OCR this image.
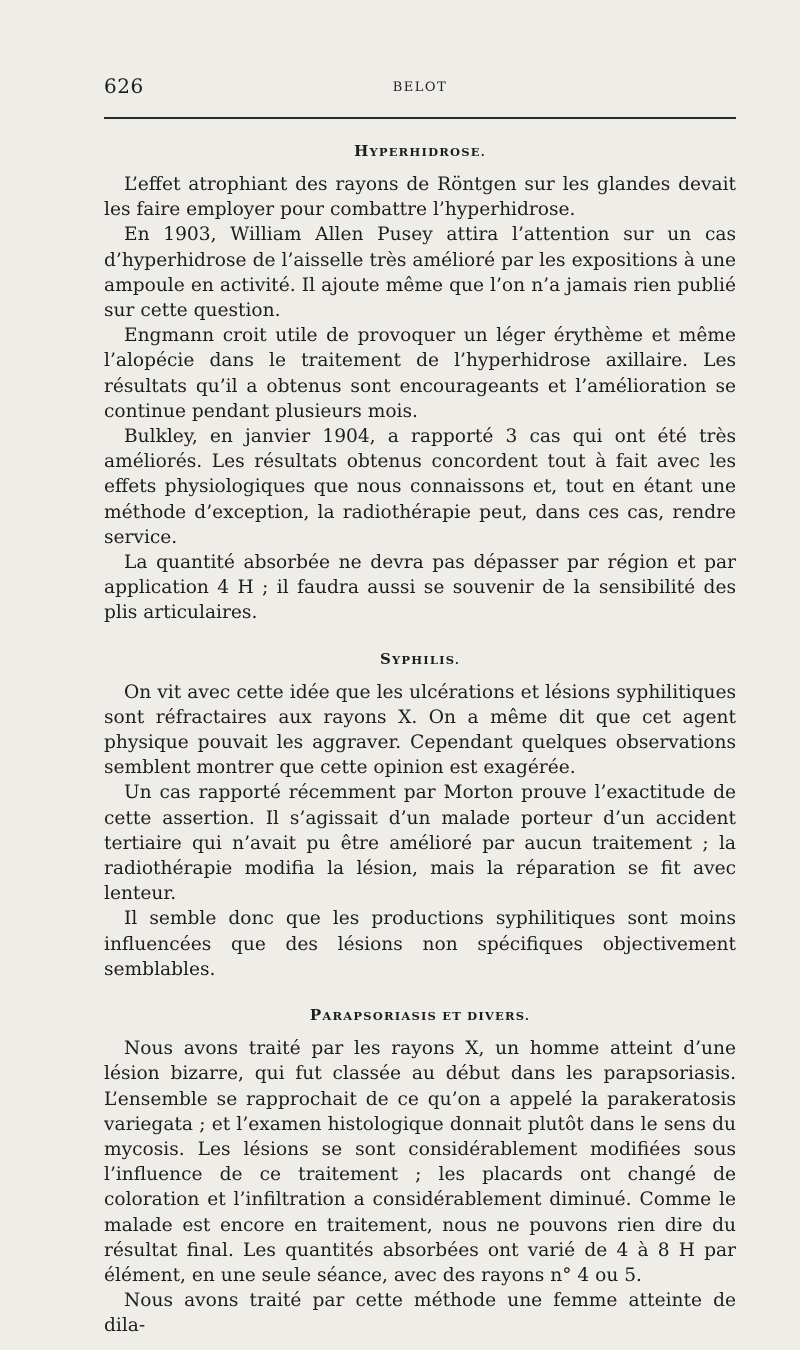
626	BELOT
HYPERHIDROSE.

L’effet atrophiant des rayons de Röntgen sur les glandes devait les faire employer pour combattre l’hyperhidrose.

En 1903, William Allen Pusey attira l’attention sur un cas d’hyperhidrose de l’aisselle très amélioré par les expositions à une ampoule en activité. Il ajoute même que l’on n’a jamais rien publié sur cette question.

Engmann croit utile de provoquer un léger érythème et même l’alopécie dans le traitement de l’hyperhidrose axillaire. Les résultats qu’il a obtenus sont encourageants et l’amélioration se continue pendant plusieurs mois.

Bulkley, en janvier 1904, a rapporté 3 cas qui ont été très améliorés. Les résultats obtenus concordent tout à fait avec les effets physiologiques que nous connaissons et, tout en étant une méthode d’exception, la radiothérapie peut, dans ces cas, rendre service.

La quantité absorbée ne devra pas dépasser par région et par application 4 H ; il faudra aussi se souvenir de la sensibilité des plis articulaires.

SYPHILIS.

On vit avec cette idée que les ulcérations et lésions syphilitiques sont réfractaires aux rayons X. On a même dit que cet agent physique pouvait les aggraver. Cependant quelques observations semblent montrer que cette opinion est exagérée.

Un cas rapporté récemment par Morton prouve l’exactitude de cette assertion. Il s’agissait d’un malade porteur d’un accident tertiaire qui n’avait pu être amélioré par aucun traitement ; la radiothérapie modifia la lésion, mais la réparation se fit avec lenteur.

Il semble donc que les productions syphilitiques sont moins influencées que des lésions non spécifiques objectivement semblables.

PARAPSORIASIS ET DIVERS.

Nous avons traité par les rayons X, un homme atteint d’une lésion bizarre, qui fut classée au début dans les parapsoriasis. L’ensemble se rapprochait de ce qu’on a appelé la parakeratosis variegata ; et l’examen histologique donnait plutôt dans le sens du mycosis. Les lésions se sont considérablement modifiées sous l’influence de ce traitement ; les placards ont changé de coloration et l’infiltration a considérablement diminué. Comme le malade est encore en traitement, nous ne pouvons rien dire du résultat final. Les quantités absorbées ont varié de 4 à 8 H par élément, en une seule séance, avec des rayons n° 4 ou 5.

Nous avons traité par cette méthode une femme atteinte de dila-
